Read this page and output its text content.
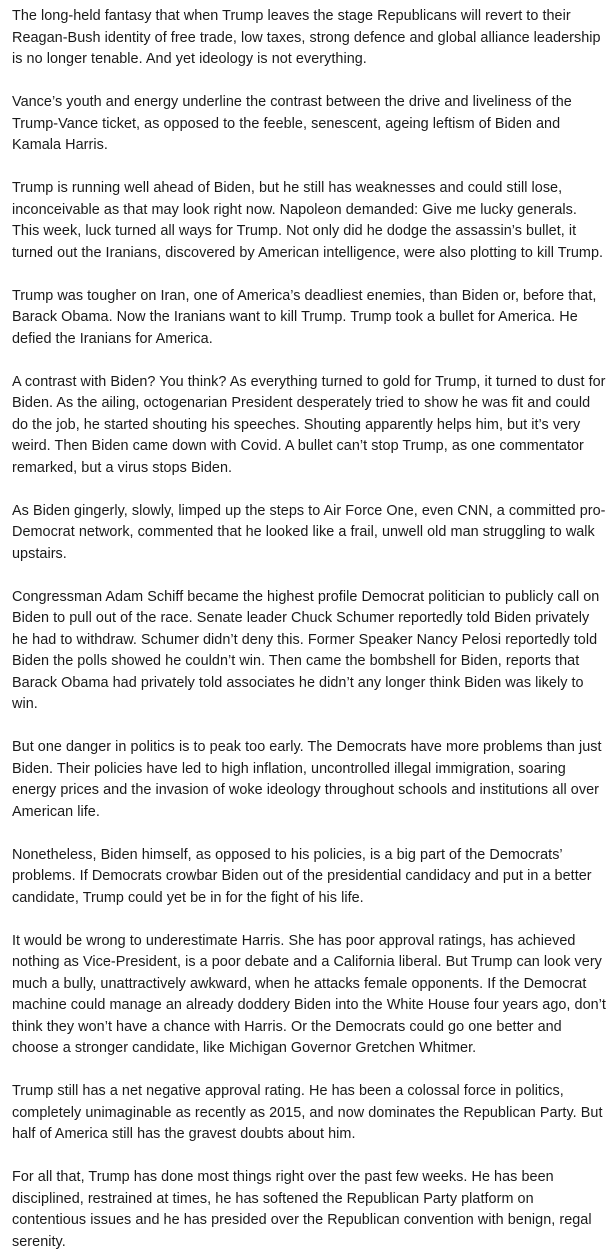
The long-held fantasy that when Trump leaves the stage Republicans will revert to their Reagan-Bush identity of free trade, low taxes, strong defence and global alliance leadership is no longer tenable. And yet ideology is not everything.

Vance’s youth and energy underline the contrast between the drive and liveliness of the Trump-Vance ticket, as opposed to the feeble, senescent, ageing leftism of Biden and Kamala Harris.

Trump is running well ahead of Biden, but he still has weaknesses and could still lose, inconceivable as that may look right now. Napoleon demanded: Give me lucky generals. This week, luck turned all ways for Trump. Not only did he dodge the assassin’s bullet, it turned out the Iranians, discovered by American intelligence, were also plotting to kill Trump.

Trump was tougher on Iran, one of America’s deadliest enemies, than Biden or, before that, Barack Obama. Now the Iranians want to kill Trump. Trump took a bullet for America. He defied the Iranians for America.

A contrast with Biden? You think? As everything turned to gold for Trump, it turned to dust for Biden. As the ailing, octogenarian President desperately tried to show he was fit and could do the job, he started shouting his speeches. Shouting apparently helps him, but it’s very weird. Then Biden came down with Covid. A bullet can’t stop Trump, as one commentator remarked, but a virus stops Biden.

As Biden gingerly, slowly, limped up the steps to Air Force One, even CNN, a committed pro-Democrat network, commented that he looked like a frail, unwell old man struggling to walk upstairs.

Congressman Adam Schiff became the highest profile Democrat politician to publicly call on Biden to pull out of the race. Senate leader Chuck Schumer reportedly told Biden privately he had to withdraw. Schumer didn’t deny this. Former Speaker Nancy Pelosi reportedly told Biden the polls showed he couldn’t win. Then came the bombshell for Biden, reports that Barack Obama had privately told associates he didn’t any longer think Biden was likely to win.

But one danger in politics is to peak too early. The Democrats have more problems than just Biden. Their policies have led to high inflation, uncontrolled illegal immigration, soaring energy prices and the invasion of woke ideology throughout schools and institutions all over American life.

Nonetheless, Biden himself, as opposed to his policies, is a big part of the Democrats’ problems. If Democrats crowbar Biden out of the presidential candidacy and put in a better candidate, Trump could yet be in for the fight of his life.

It would be wrong to underestimate Harris. She has poor approval ratings, has achieved nothing as Vice-President, is a poor debate and a California liberal. But Trump can look very much a bully, unattractively awkward, when he attacks female opponents. If the Democrat machine could manage an already doddery Biden into the White House four years ago, don’t think they won’t have a chance with Harris. Or the Democrats could go one better and choose a stronger candidate, like Michigan Governor Gretchen Whitmer.

Trump still has a net negative approval rating. He has been a colossal force in politics, completely unimaginable as recently as 2015, and now dominates the Republican Party. But half of America still has the gravest doubts about him.

For all that, Trump has done most things right over the past few weeks. He has been disciplined, restrained at times, he has softened the Republican Party platform on contentious issues and he has presided over the Republican convention with benign, regal serenity.
